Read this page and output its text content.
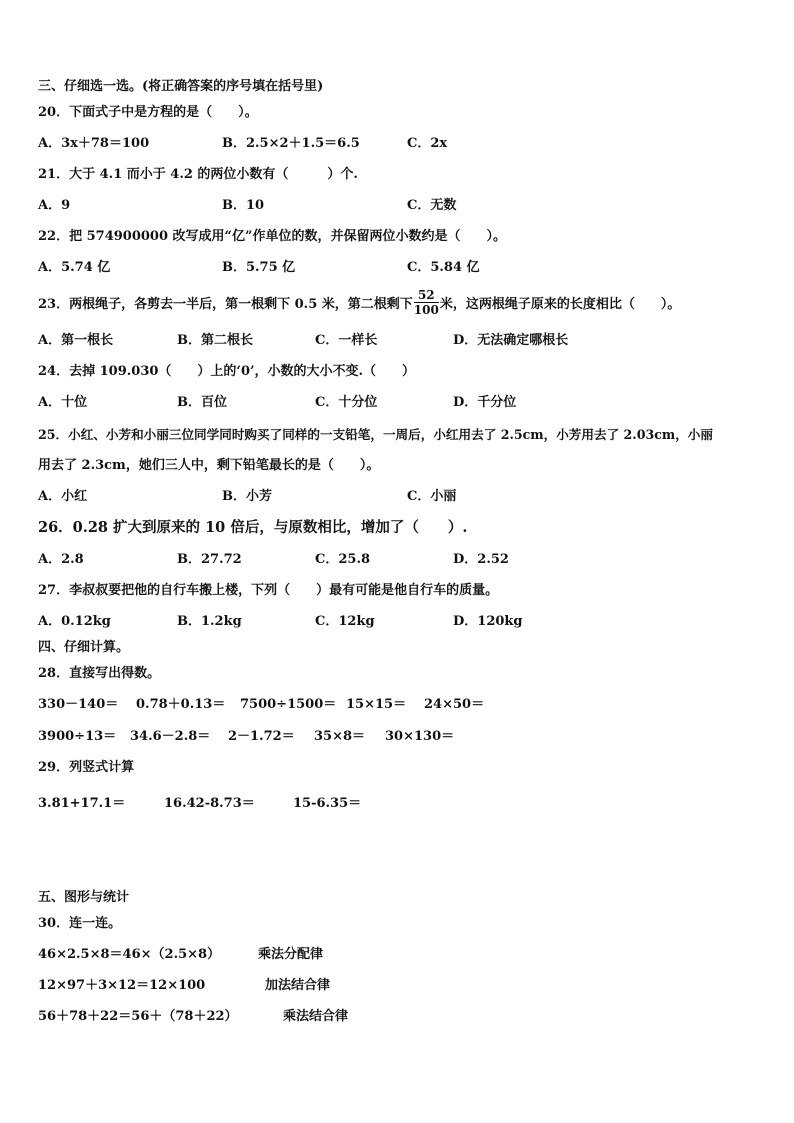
三、仔细选一选。(将正确答案的序号填在括号里)
20．下面式子中是方程的是（　　）。
A．3x＋78＝100	B．2.5×2＋1.5＝6.5	C．2x
21．大于 4.1 而小于 4.2 的两位小数有（　　　）个.
A．9	B．10	C．无数
22．把 574900000 改写成用“亿”作单位的数，并保留两位小数约是（　　）。
A．5.74 亿	B．5.75 亿	C．5.84 亿
23．两根绳子，各剪去一半后，第一根剩下 0.5 米，第二根剩下 $\frac{52}{100}$ 米，这两根绳子原来的长度相比（　　）。
A．第一根长	B．第二根长	C．一样长	D．无法确定哪根长
24．去掉 109.030（　　）上的‘0’，小数的大小不变.（　　）
A．十位	B．百位	C．十分位	D．千分位
25．小红、小芳和小丽三位同学同时购买了同样的一支铅笔，一周后，小红用去了 2.5cm，小芳用去了 2.03cm，小丽
用去了 2.3cm，她们三人中，剩下铅笔最长的是（　　）。
A．小红	B．小芳	C．小丽
26．0.28 扩大到原来的 10 倍后，与原数相比，增加了（　　）.
A．2.8	B．27.72	C．25.8	D．2.52
27．李叔叔要把他的自行车搬上楼，下列（　　）最有可能是他自行车的质量。
A．0.12kg	B．1.2kg	C．12kg	D．120kg
四、仔细计算。
28．直接写出得数。
330－140＝ 0.78＋0.13＝ 7500÷1500＝ 15×15＝ 24×50＝
3900÷13＝ 34.6－2.8＝ 2－1.72＝ 35×8＝ 30×130＝
29．列竖式计算
3.81+17.1＝	16.42-8.73＝	15-6.35＝
五、图形与统计
30．连一连。
46×2.5×8＝46×（2.5×8）	乘法分配律
12×97＋3×12＝12×100	加法结合律
56＋78＋22＝56＋（78＋22）	乘法结合律
